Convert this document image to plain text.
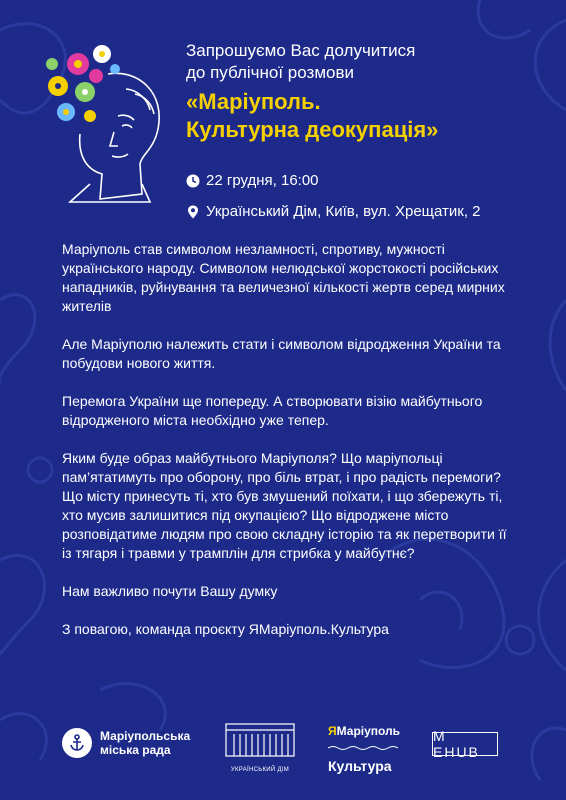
Запрошуємо Вас долучитися
до публічної розмови
«Маріуполь.
Культурна деокупація»
22 грудня, 16:00
Український Дім, Київ, вул. Хрещатик, 2

Маріуполь став символом незламності, спротиву, мужності українського народу. Символом нелюдської жорстокості російських нападників, руйнування та величезної кількості жертв серед мирних жителів

Але Маріуполю належить стати і символом відродження України та побудови нового життя.

Перемога України ще попереду. А створювати візію майбутнього відродженого міста необхідно уже тепер.

Яким буде образ майбутнього Маріуполя? Що маріупольці пам’ятатимуть про оборону, про біль втрат, і про радість перемоги? Що місту принесуть ті, хто був змушений поїхати, і що збережуть ті, хто мусив залишитися під окупацією? Що відроджене місто розповідатиме людям про свою складну історію та як перетворити її із тягаря і травми у трамплін для стрибка у майбутнє?

Нам важливо почути Вашу думку

З повагою, команда проєкту ЯМаріуполь.Культура

Маріупольська
міська рада
УКРАЇНСЬКИЙ ДІМ
ЯМаріуполь
Культура
M EHUB
